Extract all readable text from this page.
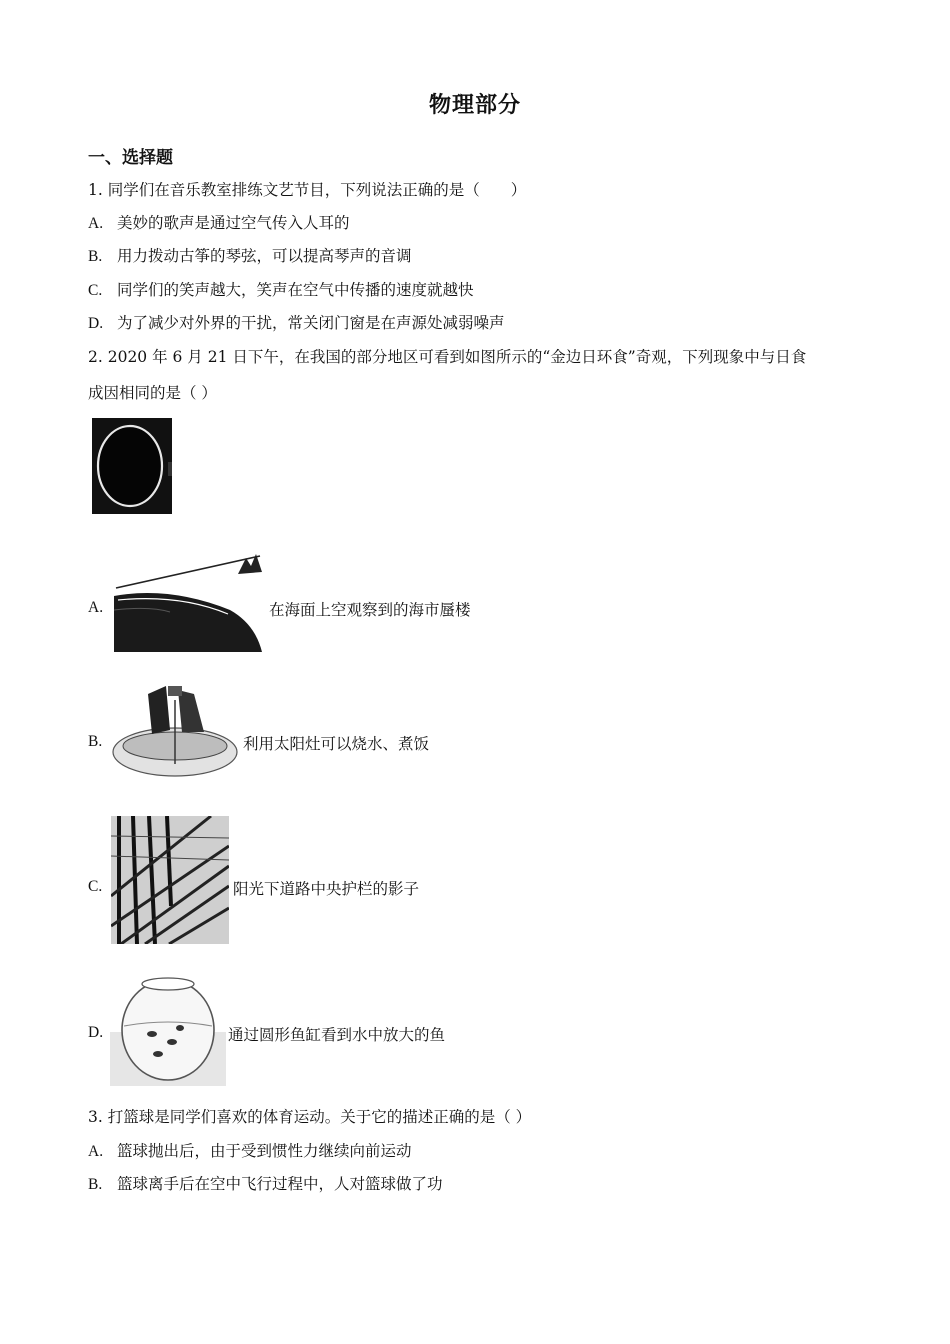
物理部分
一、选择题
1. 同学们在音乐教室排练文艺节目，下列说法正确的是（　　）
A. 美妙的歌声是通过空气传入人耳的
B. 用力拨动古筝的琴弦，可以提高琴声的音调
C. 同学们的笑声越大，笑声在空气中传播的速度就越快
D. 为了减少对外界的干扰，常关闭门窗是在声源处减弱噪声
2. 2020 年 6 月 21 日下午，在我国的部分地区可看到如图所示的“金边日环食”奇观，下列现象中与日食
成因相同的是（ ）
A.	在海面上空观察到的海市蜃楼
B.	利用太阳灶可以烧水、煮饭
C.	阳光下道路中央护栏的影子
D.	通过圆形鱼缸看到水中放大的鱼
3. 打篮球是同学们喜欢的体育运动。关于它的描述正确的是（ ）
A. 篮球抛出后，由于受到惯性力继续向前运动
B. 篮球离手后在空中飞行过程中，人对篮球做了功
